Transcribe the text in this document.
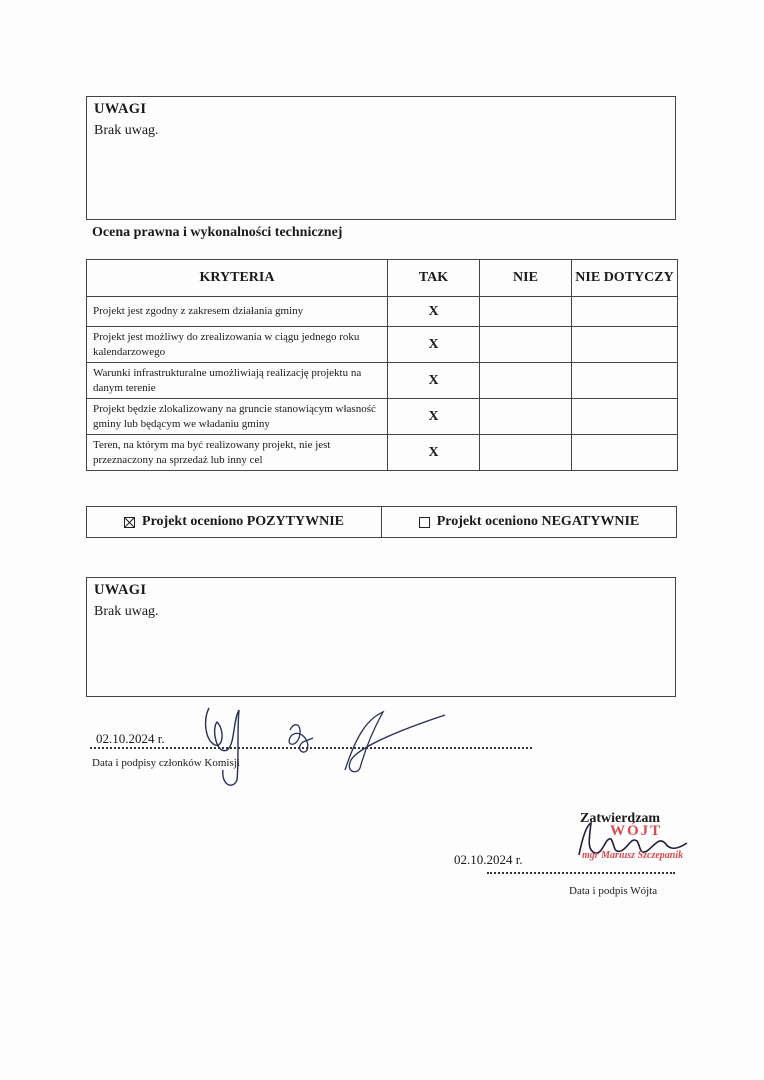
UWAGI
Brak uwag.
Ocena prawna i wykonalności technicznej
KRYTERIA	TAK	NIE	NIE DOTYCZY
Projekt jest zgodny z zakresem działania gminy	X		
Projekt jest możliwy do zrealizowania w ciągu jednego roku kalendarzowego	X		
Warunki infrastrukturalne umożliwiają realizację projektu na danym terenie	X		
Projekt będzie zlokalizowany na gruncie stanowiącym własność gminy lub będącym we władaniu gminy	X		
Teren, na którym ma być realizowany projekt, nie jest przeznaczony na sprzedaż lub inny cel	X		
Projekt oceniono POZYTYWNIE	Projekt oceniono NEGATYWNIE
UWAGI
Brak uwag.
02.10.2024 r.
Data i podpisy członków Komisji
Zatwierdzam
WÓJT
mgr Mariusz Szczepanik
02.10.2024 r.
Data i podpis Wójta
